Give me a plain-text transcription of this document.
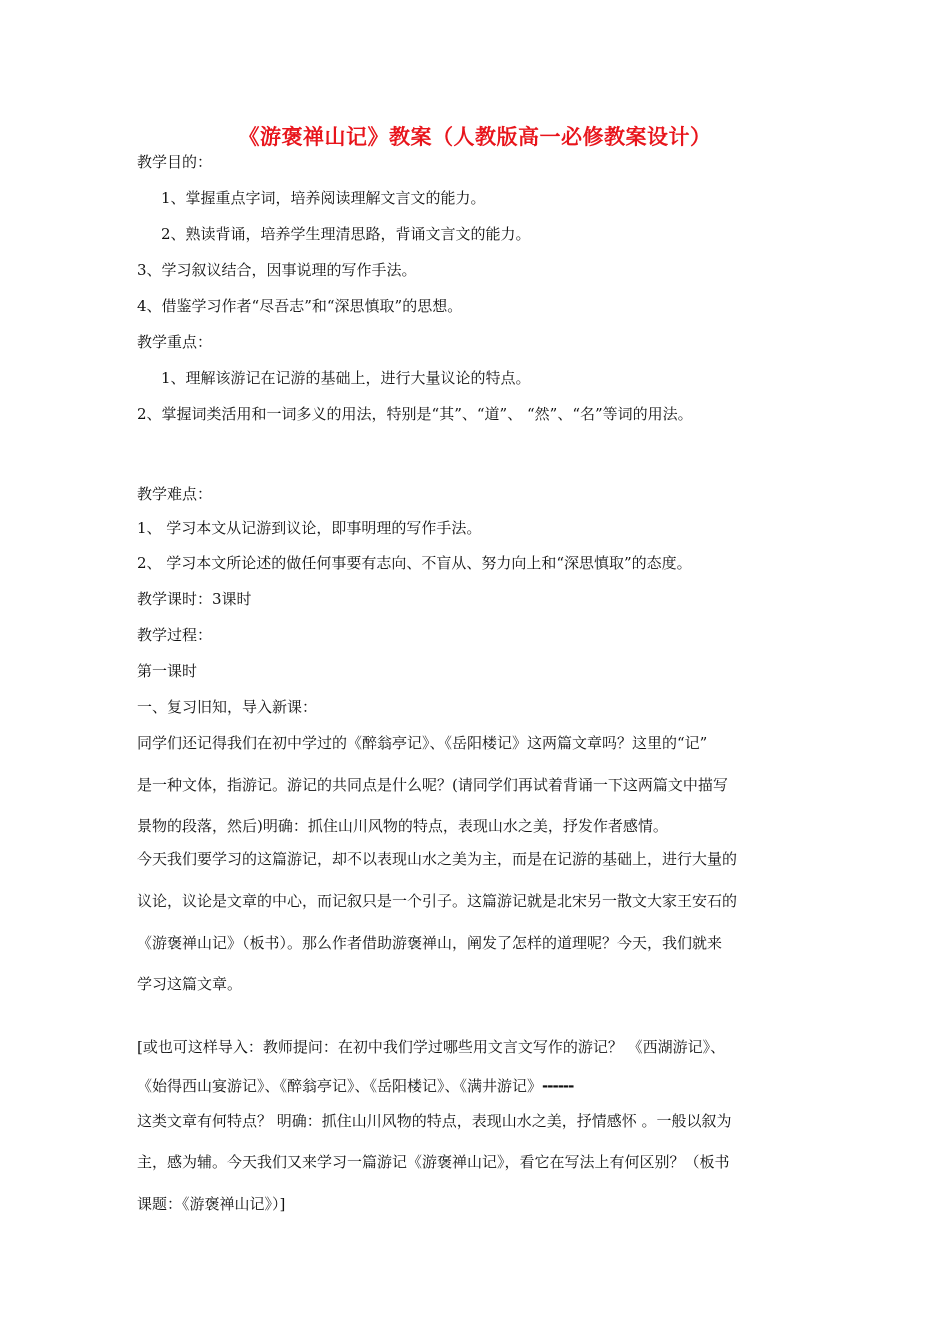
《游褒禅山记》教案（人教版高一必修教案设计）
教学目的：
1、掌握重点字词，培养阅读理解文言文的能力。
2、熟读背诵，培养学生理清思路，背诵文言文的能力。
3、学习叙议结合，因事说理的写作手法。
4、借鉴学习作者“尽吾志”和“深思慎取”的思想。
教学重点：
1、理解该游记在记游的基础上，进行大量议论的特点。
2、掌握词类活用和一词多义的用法，特别是“其”、“道”、 “然”、“名”等词的用法。
教学难点：
1、 学习本文从记游到议论，即事明理的写作手法。
2、 学习本文所论述的做任何事要有志向、不盲从、努力向上和“深思慎取”的态度。
教学课时：3课时
教学过程：
第一课时
一、复习旧知，导入新课：
同学们还记得我们在初中学过的《醉翁亭记》、《岳阳楼记》这两篇文章吗？这里的“记”
是一种文体，指游记。游记的共同点是什么呢？(请同学们再试着背诵一下这两篇文中描写
景物的段落，然后)明确：抓住山川风物的特点，表现山水之美，抒发作者感情。
今天我们要学习的这篇游记，却不以表现山水之美为主，而是在记游的基础上，进行大量的
议论，议论是文章的中心，而记叙只是一个引子。这篇游记就是北宋另一散文大家王安石的
《游褒禅山记》（板书）。那么作者借助游褒禅山，阐发了怎样的道理呢？今天，我们就来
学习这篇文章。
[或也可这样导入：教师提问：在初中我们学过哪些用文言文写作的游记？ 《西湖游记》、
《始得西山宴游记》、《醉翁亭记》、《岳阳楼记》、《满井游记》------
这类文章有何特点？ 明确：抓住山川风物的特点，表现山水之美，抒情感怀 。一般以叙为
主，感为辅。今天我们又来学习一篇游记《游褒禅山记》，看它在写法上有何区别？（板书
课题：《游褒禅山记》）]
